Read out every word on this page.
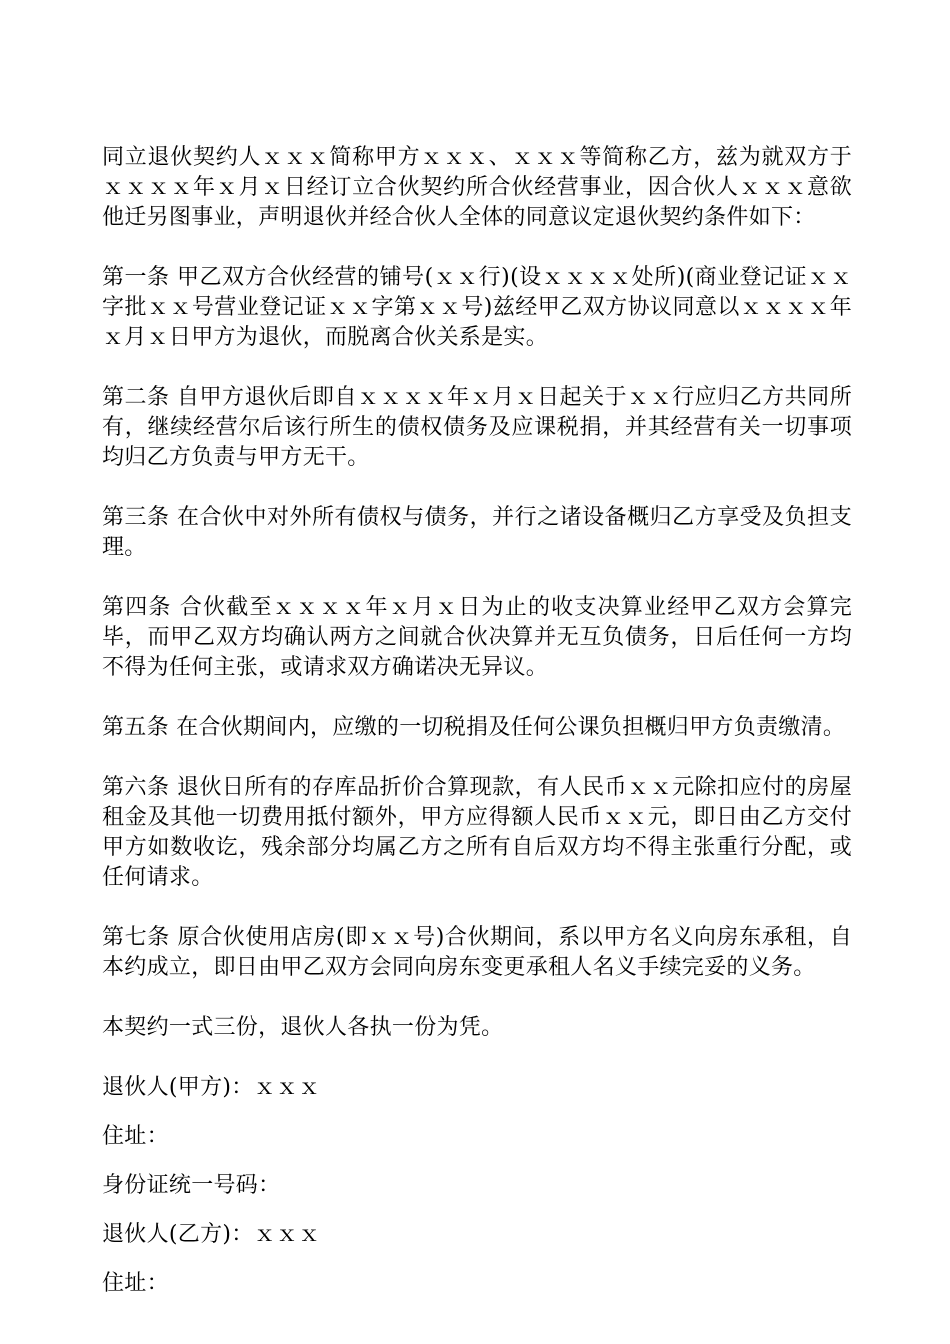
同立退伙契约人ｘｘｘ简称甲方ｘｘｘ、ｘｘｘ等简称乙方，兹为就双方于ｘｘｘｘ年ｘ月ｘ日经订立合伙契约所合伙经营事业，因合伙人ｘｘｘ意欲他迁另图事业，声明退伙并经合伙人全体的同意议定退伙契约条件如下：

第一条 甲乙双方合伙经营的铺号(ｘｘ行)(设ｘｘｘｘ处所)(商业登记证ｘｘ字批ｘｘ号营业登记证ｘｘ字第ｘｘ号)兹经甲乙双方协议同意以ｘｘｘｘ年ｘ月ｘ日甲方为退伙，而脱离合伙关系是实。

第二条 自甲方退伙后即自ｘｘｘｘ年ｘ月ｘ日起关于ｘｘ行应归乙方共同所有，继续经营尔后该行所生的债权债务及应课税捐，并其经营有关一切事项均归乙方负责与甲方无干。

第三条 在合伙中对外所有债权与债务，并行之诸设备概归乙方享受及负担支理。

第四条 合伙截至ｘｘｘｘ年ｘ月ｘ日为止的收支决算业经甲乙双方会算完毕，而甲乙双方均确认两方之间就合伙决算并无互负债务，日后任何一方均不得为任何主张，或请求双方确诺决无异议。

第五条 在合伙期间内，应缴的一切税捐及任何公课负担概归甲方负责缴清。

第六条 退伙日所有的存库品折价合算现款，有人民币ｘｘ元除扣应付的房屋租金及其他一切费用抵付额外，甲方应得额人民币ｘｘ元，即日由乙方交付甲方如数收讫，残余部分均属乙方之所有自后双方均不得主张重行分配，或任何请求。

第七条 原合伙使用店房(即ｘｘ号)合伙期间，系以甲方名义向房东承租，自本约成立，即日由甲乙双方会同向房东变更承租人名义手续完妥的义务。

本契约一式三份，退伙人各执一份为凭。

退伙人(甲方)：ｘｘｘ
住址：
身份证统一号码：
退伙人(乙方)：ｘｘｘ
住址：
